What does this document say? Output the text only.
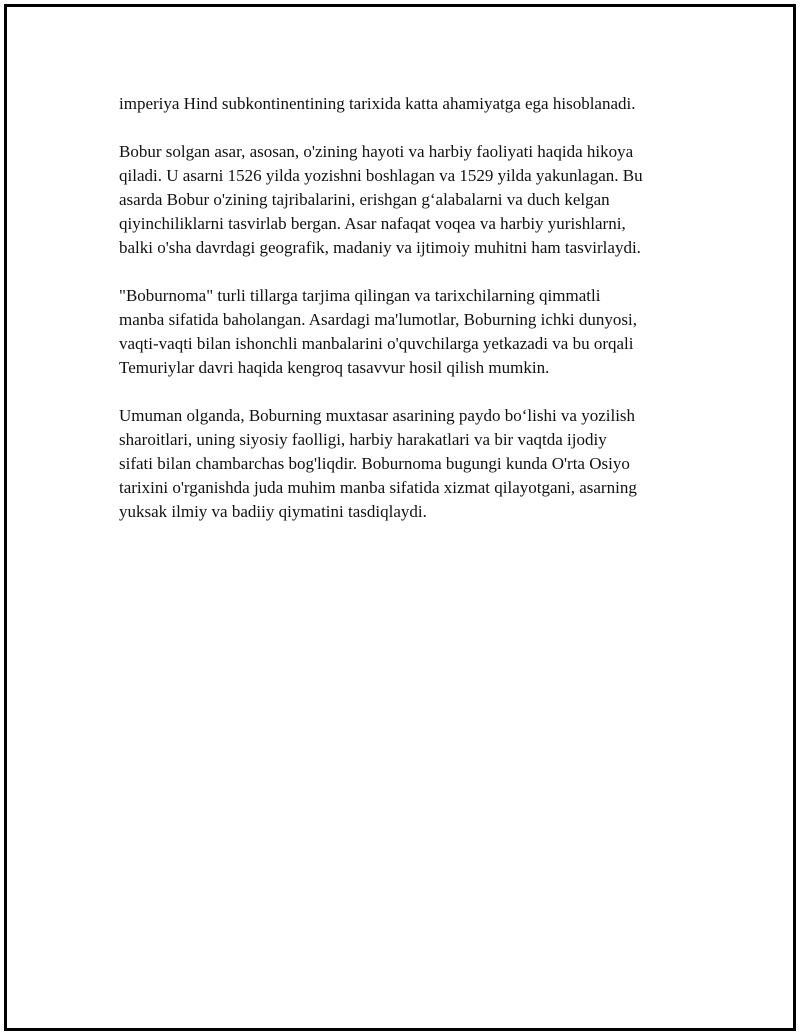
imperiya Hind subkontinentining tarixida katta ahamiyatga ega hisoblanadi.

Bobur solgan asar, asosan, o'zining hayoti va harbiy faoliyati haqida hikoya
qiladi. U asarni 1526 yilda yozishni boshlagan va 1529 yilda yakunlagan. Bu
asarda Bobur o'zining tajribalarini, erishgan g‘alabalarni va duch kelgan
qiyinchiliklarni tasvirlab bergan. Asar nafaqat voqea va harbiy yurishlarni,
balki o'sha davrdagi geografik, madaniy va ijtimoiy muhitni ham tasvirlaydi.

"Boburnoma" turli tillarga tarjima qilingan va tarixchilarning qimmatli
manba sifatida baholangan. Asardagi ma'lumotlar, Boburning ichki dunyosi,
vaqti-vaqti bilan ishonchli manbalarini o'quvchilarga yetkazadi va bu orqali
Temuriylar davri haqida kengroq tasavvur hosil qilish mumkin.

Umuman olganda, Boburning muxtasar asarining paydo bo‘lishi va yozilish
sharoitlari, uning siyosiy faolligi, harbiy harakatlari va bir vaqtda ijodiy
sifati bilan chambarchas bog'liqdir. Boburnoma bugungi kunda O'rta Osiyo
tarixini o'rganishda juda muhim manba sifatida xizmat qilayotgani, asarning
yuksak ilmiy va badiiy qiymatini tasdiqlaydi.
